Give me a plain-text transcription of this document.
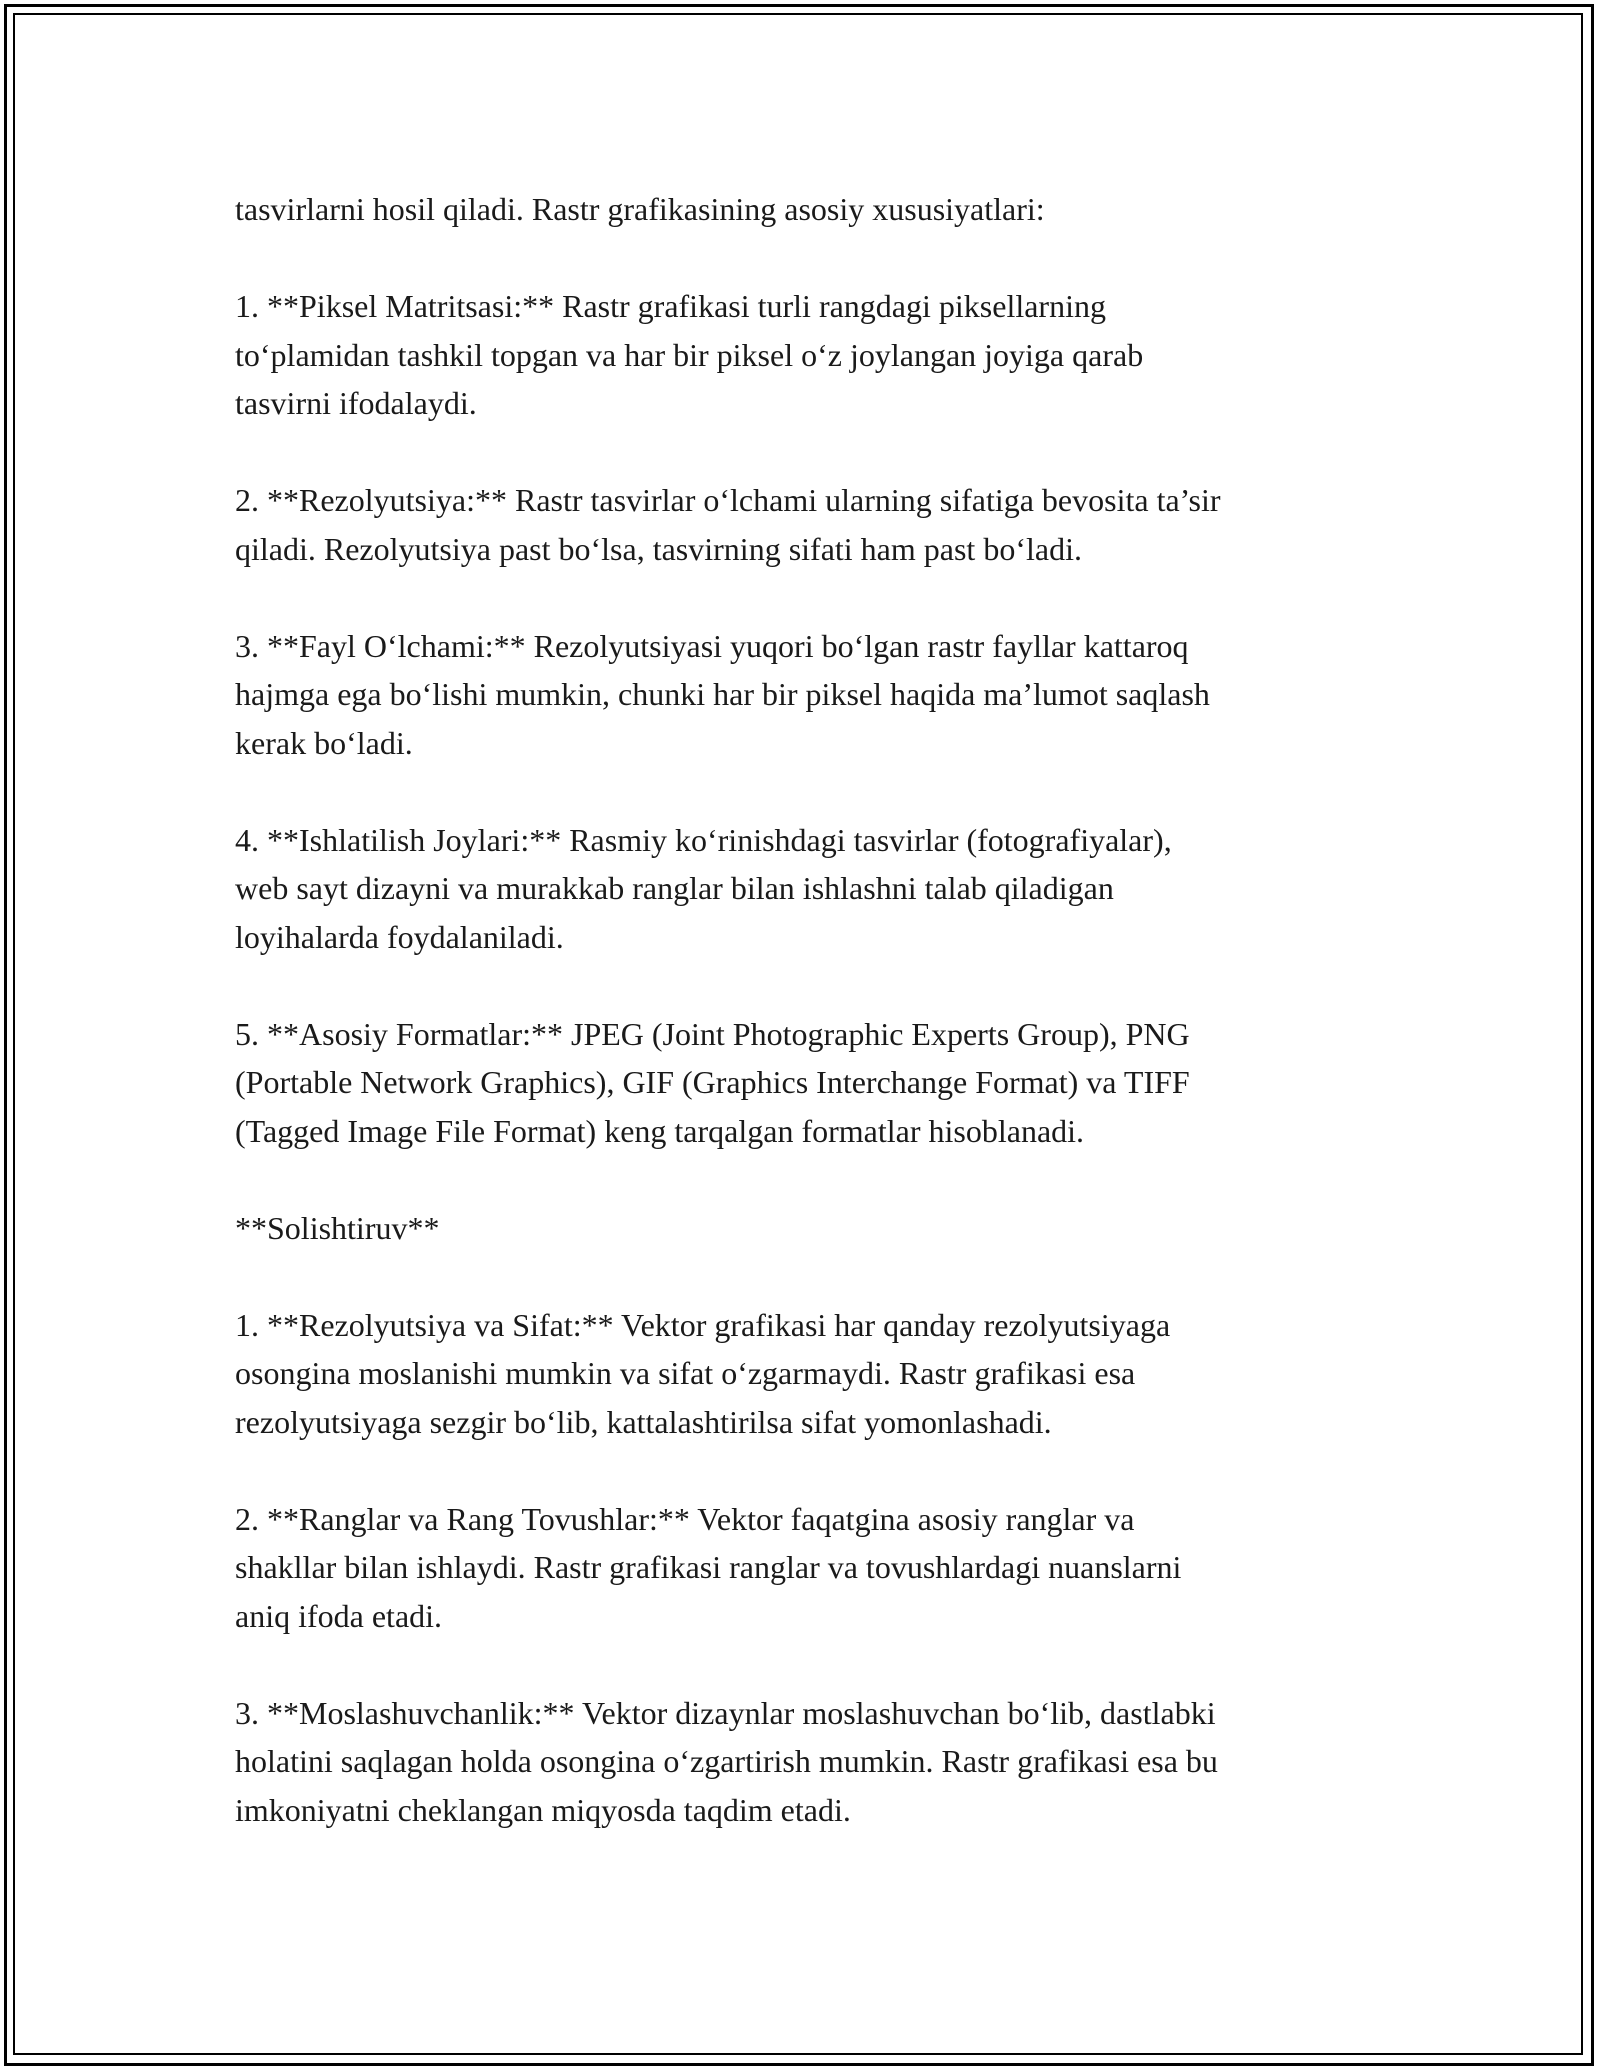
tasvirlarni hosil qiladi. Rastr grafikasining asosiy xususiyatlari:

1. **Piksel Matritsasi:** Rastr grafikasi turli rangdagi piksellarning
to‘plamidan tashkil topgan va har bir piksel o‘z joylangan joyiga qarab
tasvirni ifodalaydi.

2. **Rezolyutsiya:** Rastr tasvirlar o‘lchami ularning sifatiga bevosita ta’sir
qiladi. Rezolyutsiya past bo‘lsa, tasvirning sifati ham past bo‘ladi.

3. **Fayl O‘lchami:** Rezolyutsiyasi yuqori bo‘lgan rastr fayllar kattaroq
hajmga ega bo‘lishi mumkin, chunki har bir piksel haqida ma’lumot saqlash
kerak bo‘ladi.

4. **Ishlatilish Joylari:** Rasmiy ko‘rinishdagi tasvirlar (fotografiyalar),
web sayt dizayni va murakkab ranglar bilan ishlashni talab qiladigan
loyihalarda foydalaniladi.

5. **Asosiy Formatlar:** JPEG (Joint Photographic Experts Group), PNG
(Portable Network Graphics), GIF (Graphics Interchange Format) va TIFF
(Tagged Image File Format) keng tarqalgan formatlar hisoblanadi.

**Solishtiruv**

1. **Rezolyutsiya va Sifat:** Vektor grafikasi har qanday rezolyutsiyaga
osongina moslanishi mumkin va sifat o‘zgarmaydi. Rastr grafikasi esa
rezolyutsiyaga sezgir bo‘lib, kattalashtirilsa sifat yomonlashadi.

2. **Ranglar va Rang Tovushlar:** Vektor faqatgina asosiy ranglar va
shakllar bilan ishlaydi. Rastr grafikasi ranglar va tovushlardagi nuanslarni
aniq ifoda etadi.

3. **Moslashuvchanlik:** Vektor dizaynlar moslashuvchan bo‘lib, dastlabki
holatini saqlagan holda osongina o‘zgartirish mumkin. Rastr grafikasi esa bu
imkoniyatni cheklangan miqyosda taqdim etadi.
